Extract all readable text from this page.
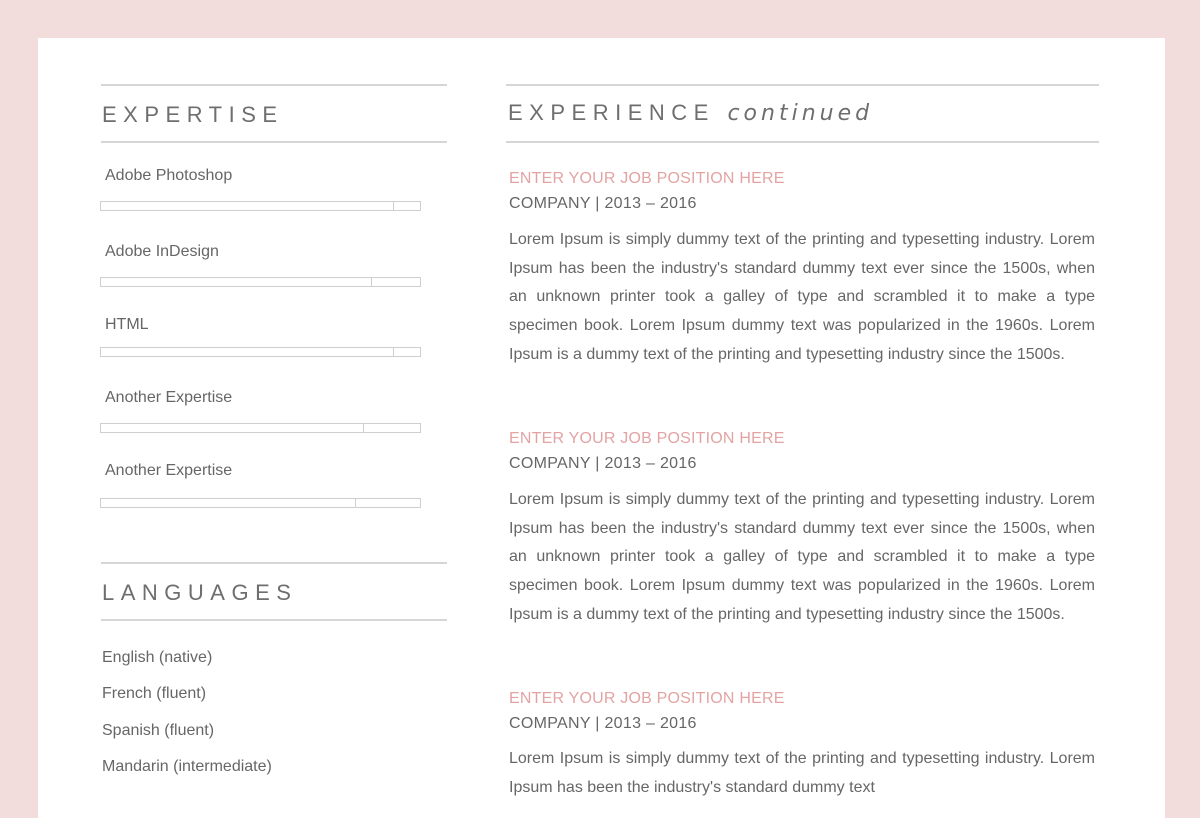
EXPERTISE
Adobe Photoshop
Adobe InDesign
HTML
Another Expertise
Another Expertise
LANGUAGES
English (native)
French (fluent)
Spanish (fluent)
Mandarin (intermediate)
EXPERIENCE continued
ENTER YOUR JOB POSITION HERE
COMPANY | 2013 – 2016

Lorem Ipsum is simply dummy text of the printing and typesetting industry. Lorem Ipsum has been the industry's standard dummy text ever since the 1500s, when an unknown printer took a galley of type and scrambled it to make a type specimen book. Lorem Ipsum dummy text was popularized in the 1960s. Lorem Ipsum is a dummy text of the printing and typesetting industry since the 1500s.

ENTER YOUR JOB POSITION HERE
COMPANY | 2013 – 2016

Lorem Ipsum is simply dummy text of the printing and typesetting industry. Lorem Ipsum has been the industry's standard dummy text ever since the 1500s, when an unknown printer took a galley of type and scrambled it to make a type specimen book. Lorem Ipsum dummy text was popularized in the 1960s. Lorem Ipsum is a dummy text of the printing and typesetting industry since the 1500s.

ENTER YOUR JOB POSITION HERE
COMPANY | 2013 – 2016

Lorem Ipsum is simply dummy text of the printing and typesetting industry. Lorem Ipsum has been the industry's standard dummy text
